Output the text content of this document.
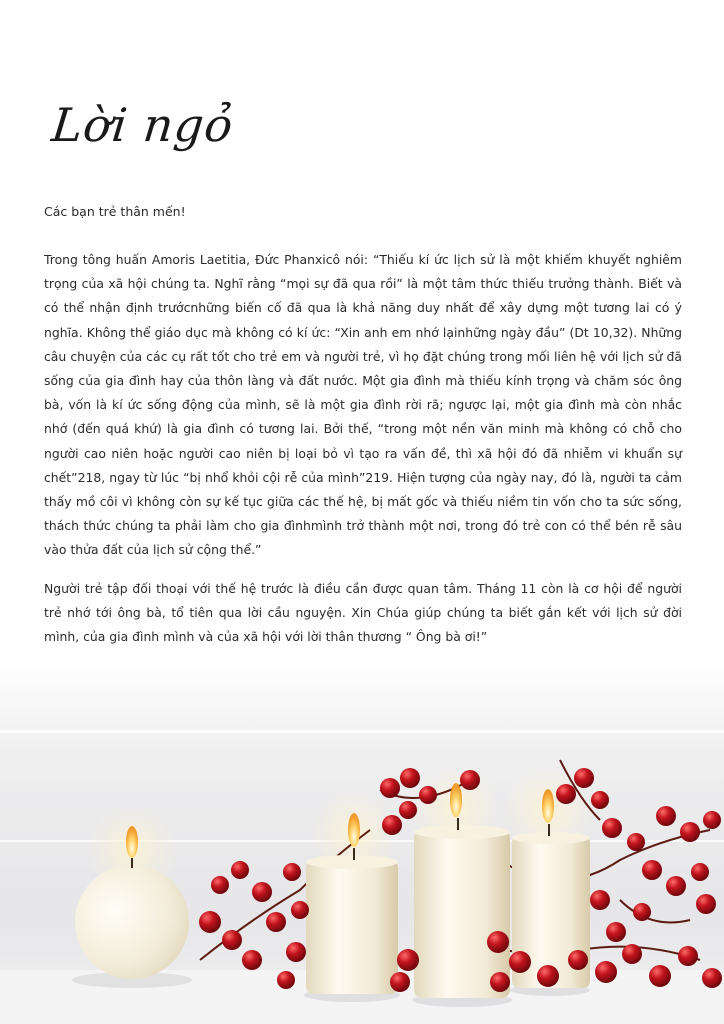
Lời ngỏ
Các bạn trẻ thân mến!

Trong tông huấn Amoris Laetitia, Đức Phanxicô nói: “Thiếu kí ức lịch sử là một khiếm khuyết nghiêm trọng của xã hội chúng ta. Nghĩ rằng “mọi sự đã qua rồi” là một tâm thức thiếu trưởng thành. Biết và có thể nhận định trướcnhững biến cố đã qua là khả năng duy nhất để xây dựng một tương lai có ý nghĩa. Không thể giáo dục mà không có kí ức: “Xin anh em nhớ lạinhững ngày đầu” (Dt 10,32). Những câu chuyện của các cụ rất tốt cho trẻ em và người trẻ, vì họ đặt chúng trong mối liên hệ với lịch sử đã sống của gia đình hay của thôn làng và đất nước. Một gia đình mà thiếu kính trọng và chăm sóc ông bà, vốn là kí ức sống động của mình, sẽ là một gia đình rời rã; ngược lại, một gia đình mà còn nhắc nhớ (đến quá khứ) là gia đình có tương lai. Bởi thế, “trong một nền văn minh mà không có chỗ cho người cao niên hoặc người cao niên bị loại bỏ vì tạo ra vấn đề, thì xã hội đó đã nhiễm vi khuẩn sự chết”218, ngay từ lúc “bị nhổ khỏi cội rễ của mình”219. Hiện tượng của ngày nay, đó là, người ta cảm thấy mồ côi vì không còn sự kế tục giữa các thế hệ, bị mất gốc và thiếu niềm tin vốn cho ta sức sống, thách thức chúng ta phải làm cho gia đìnhmình trở thành một nơi, trong đó trẻ con có thể bén rễ sâu vào thửa đất của lịch sử cộng thể.”

Người trẻ tập đối thoại với thế hệ trước là điều cần được quan tâm. Tháng 11 còn là cơ hội để người trẻ nhớ tới ông bà, tổ tiên qua lời cầu nguyện. Xin Chúa giúp chúng ta biết gắn kết với lịch sử đời mình, của gia đình mình và của xã hội với lời thân thương “ Ông bà ơi!”
